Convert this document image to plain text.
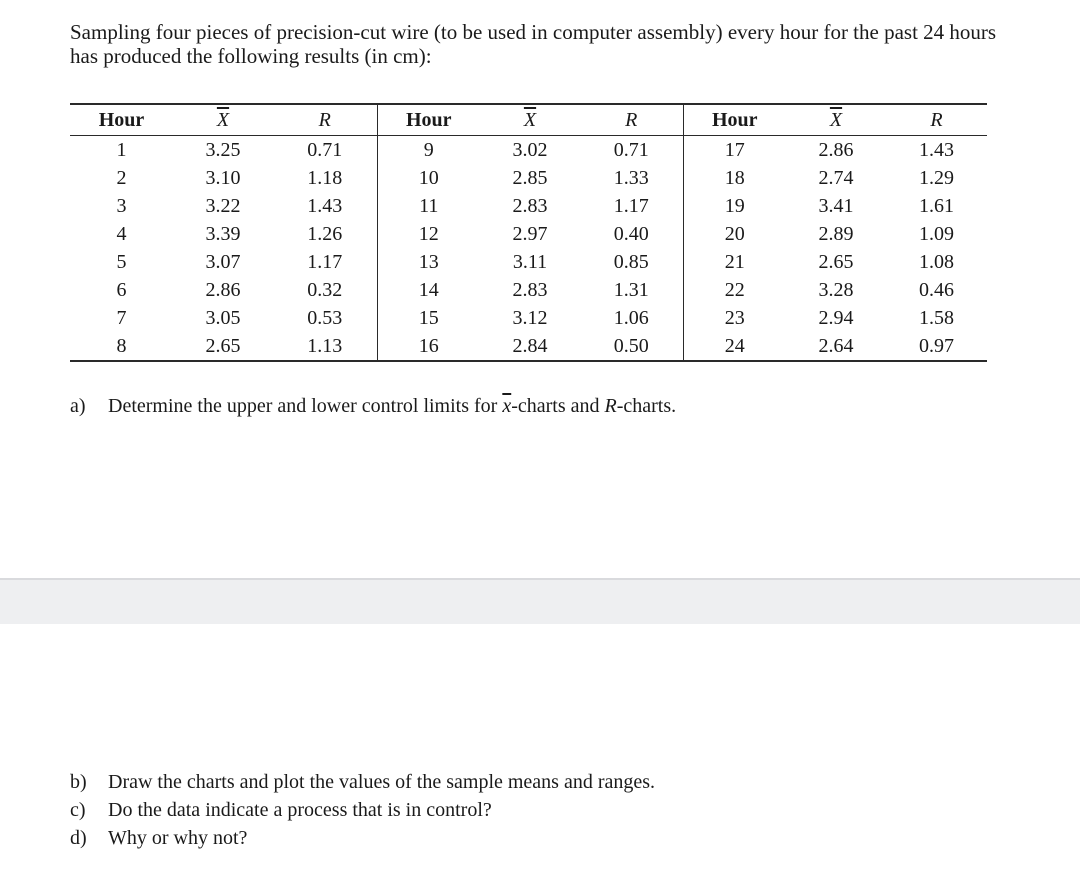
Sampling four pieces of precision-cut wire (to be used in computer assembly) every hour for the past 24 hours has produced the following results (in cm):

Hour	$\overline{X}$	R	Hour	$\overline{X}$	R	Hour	$\overline{X}$	R
1	3.25	0.71	9	3.02	0.71	17	2.86	1.43
2	3.10	1.18	10	2.85	1.33	18	2.74	1.29
3	3.22	1.43	11	2.83	1.17	19	3.41	1.61
4	3.39	1.26	12	2.97	0.40	20	2.89	1.09
5	3.07	1.17	13	3.11	0.85	21	2.65	1.08
6	2.86	0.32	14	2.83	1.31	22	3.28	0.46
7	3.05	0.53	15	3.12	1.06	23	2.94	1.58
8	2.65	1.13	16	2.84	0.50	24	2.64	0.97

a) Determine the upper and lower control limits for $\overline{x}$-charts and R-charts.

b) Draw the charts and plot the values of the sample means and ranges.

c) Do the data indicate a process that is in control?

d) Why or why not?
